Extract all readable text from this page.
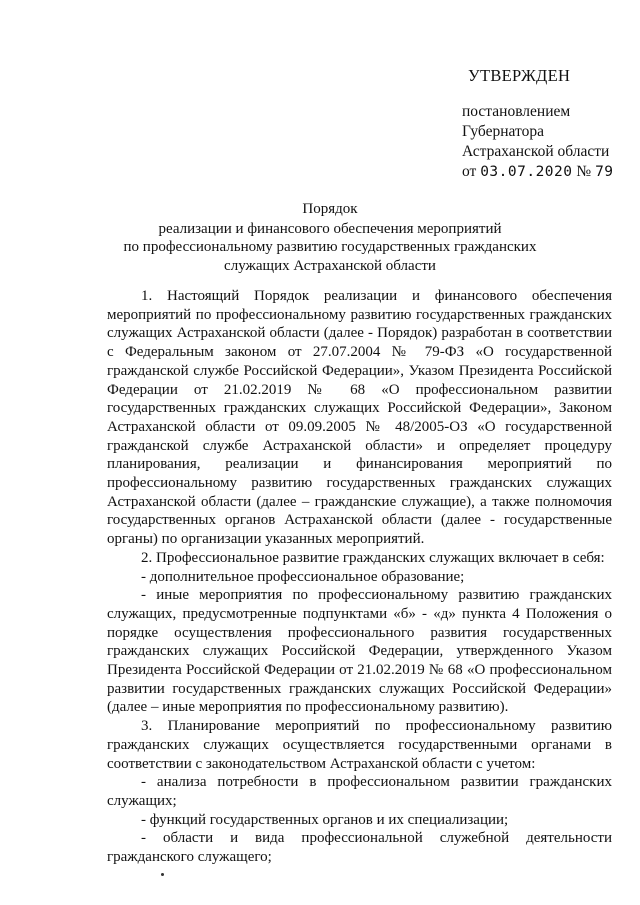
УТВЕРЖДЕН
постановлением
Губернатора
Астраханской области
от 03.07.2020 № 79
Порядок
реализации и финансового обеспечения мероприятий
по профессиональному развитию государственных гражданских
служащих Астраханской области

1. Настоящий Порядок реализации и финансового обеспечения мероприятий по профессиональному развитию государственных гражданских служащих Астраханской области (далее - Порядок) разработан в соответствии с Федеральным законом от 27.07.2004 № 79-ФЗ «О государственной гражданской службе Российской Федерации», Указом Президента Российской Федерации от 21.02.2019 № 68 «О профессиональном развитии государственных гражданских служащих Российской Федерации», Законом Астраханской области от 09.09.2005 № 48/2005-ОЗ «О государственной гражданской службе Астраханской области» и определяет процедуру планирования, реализации и финансирования мероприятий по профессиональному развитию государственных гражданских служащих Астраханской области (далее – гражданские служащие), а также полномочия государственных органов Астраханской области (далее - государственные органы) по организации указанных мероприятий.

2. Профессиональное развитие гражданских служащих включает в себя:

- дополнительное профессиональное образование;

- иные мероприятия по профессиональному развитию гражданских служащих, предусмотренные подпунктами «б» - «д» пункта 4 Положения о порядке осуществления профессионального развития государственных гражданских служащих Российской Федерации, утвержденного Указом Президента Российской Федерации от 21.02.2019 № 68 «О профессиональном развитии государственных гражданских служащих Российской Федерации» (далее – иные мероприятия по профессиональному развитию).

3. Планирование мероприятий по профессиональному развитию гражданских служащих осуществляется государственными органами в соответствии с законодательством Астраханской области с учетом:

- анализа потребности в профессиональном развитии гражданских служащих;

- функций государственных органов и их специализации;

- области и вида профессиональной служебной деятельности гражданского служащего;
